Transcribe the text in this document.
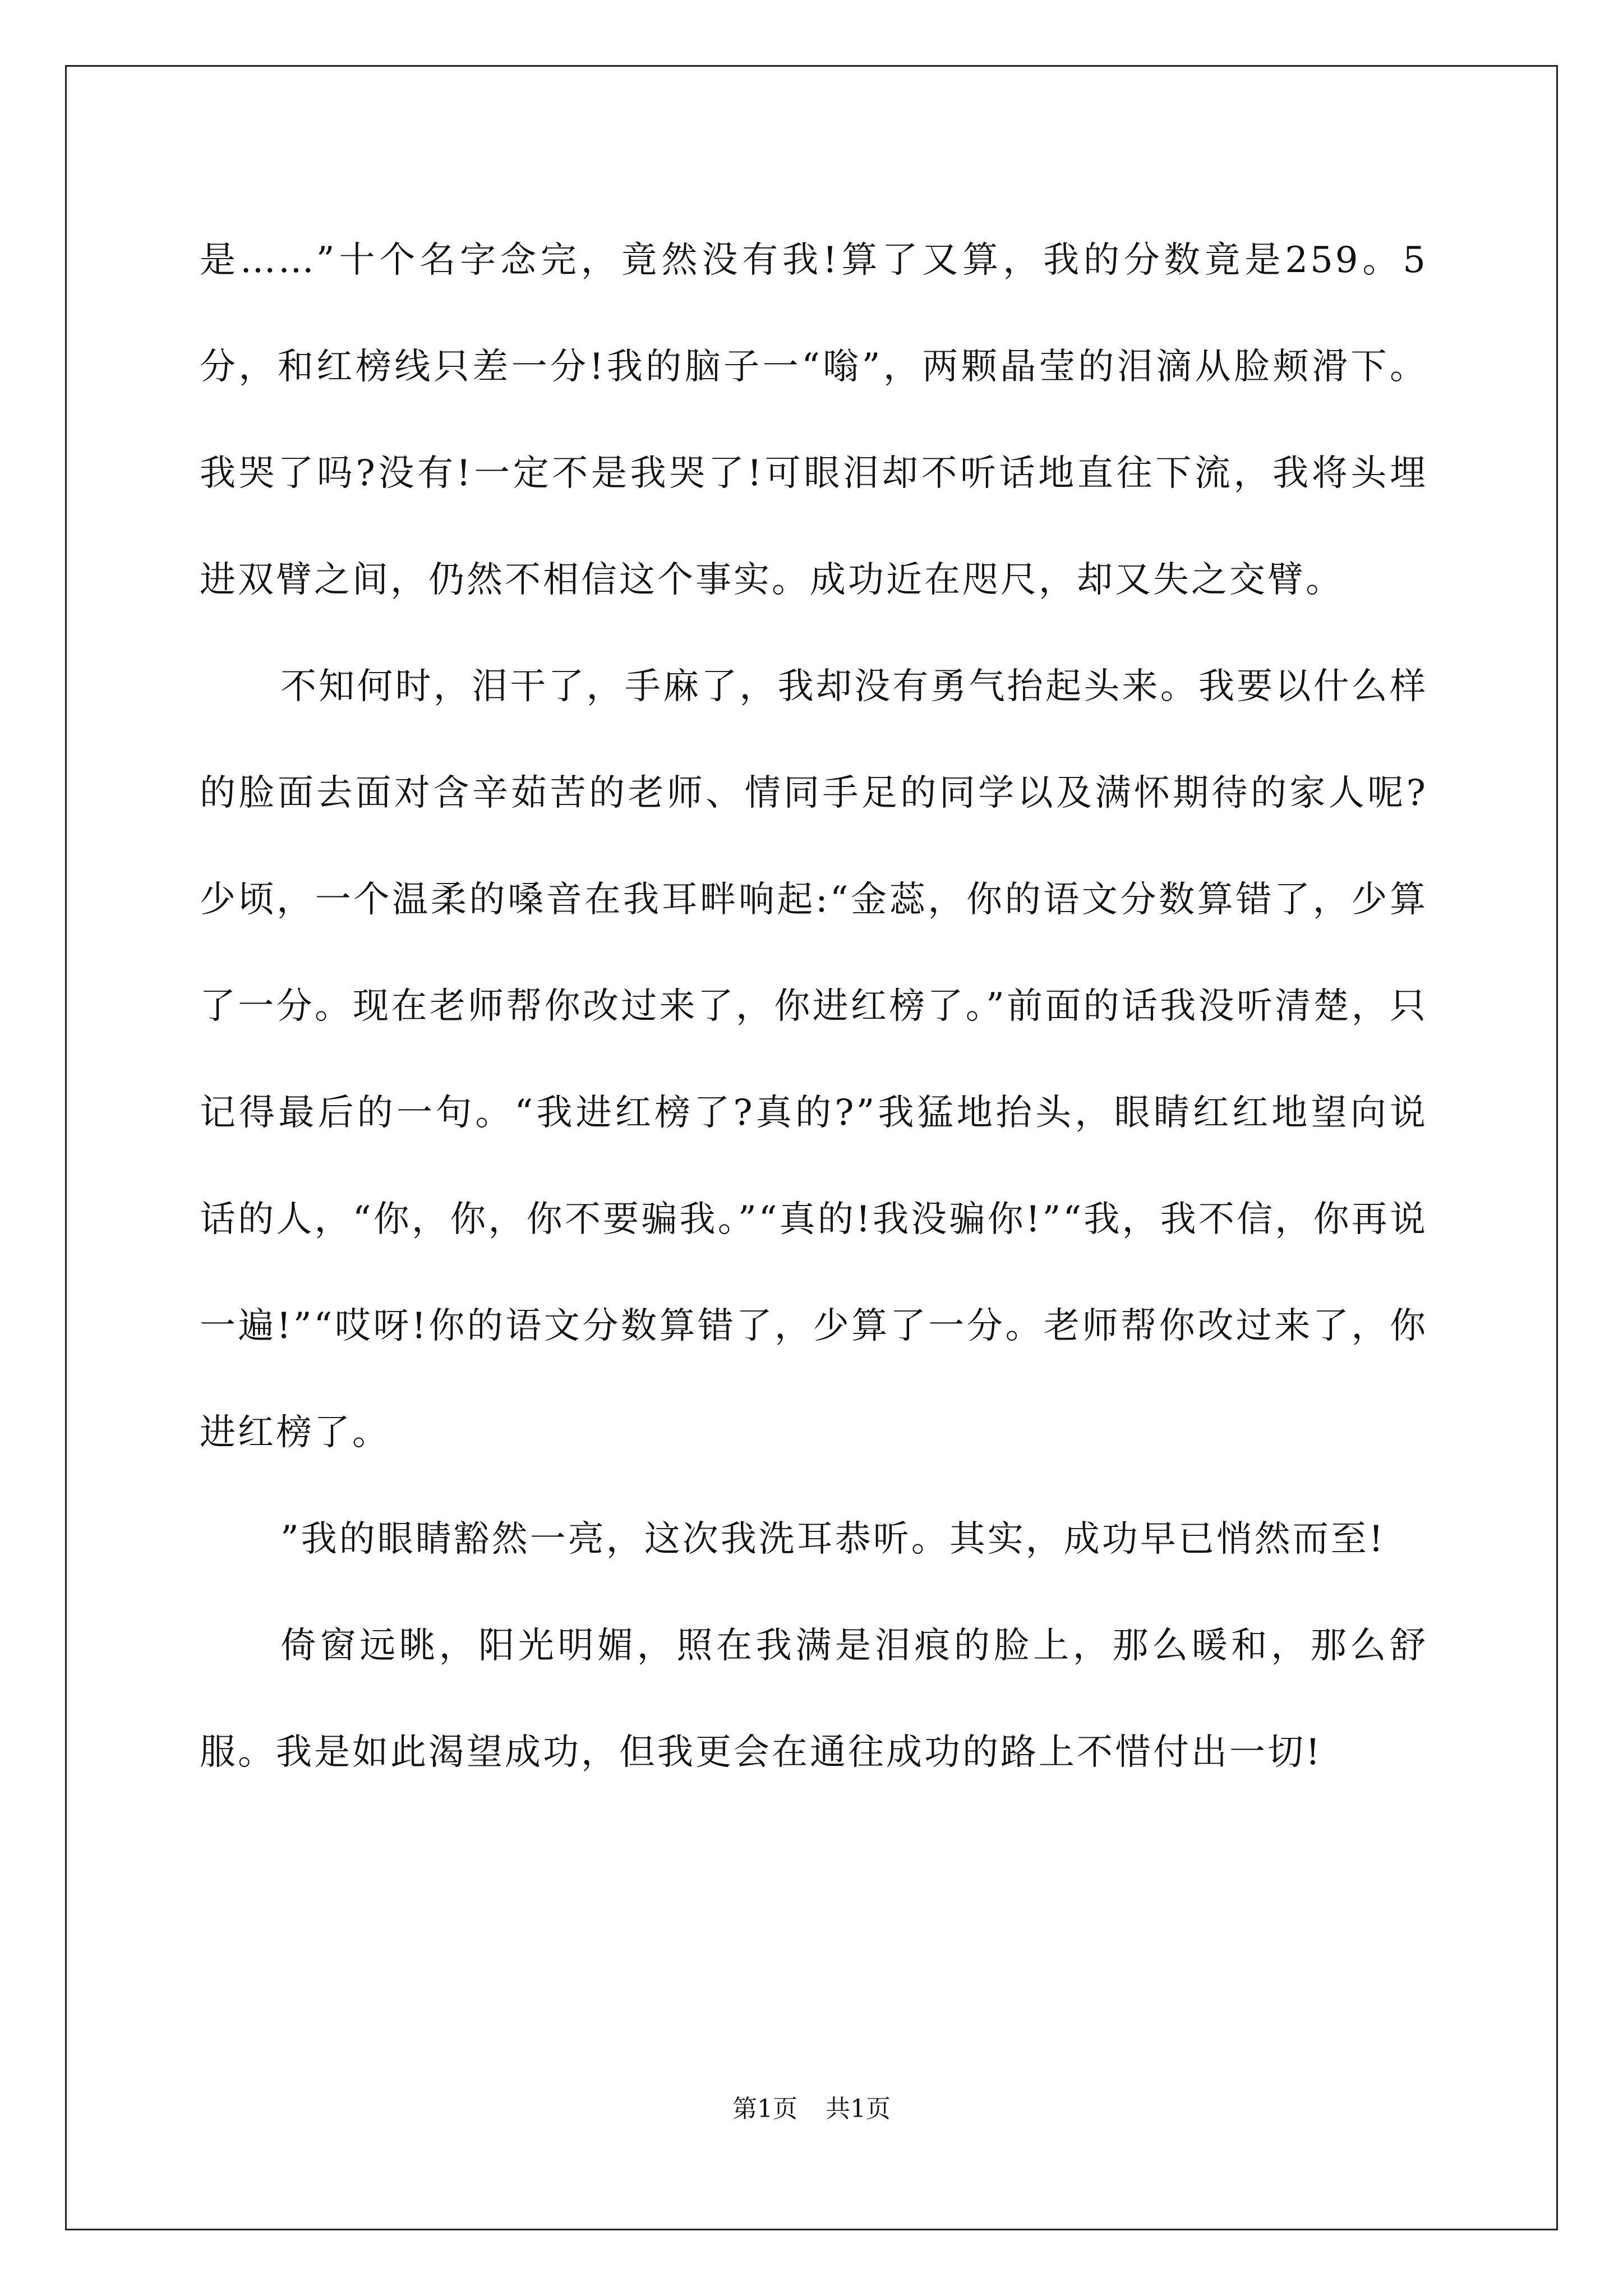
是……”十个名字念完，竟然没有我!算了又算，我的分数竟是259。5分，和红榜线只差一分!我的脑子一“嗡”，两颗晶莹的泪滴从脸颊滑下。我哭了吗?没有!一定不是我哭了!可眼泪却不听话地直往下流，我将头埋进双臂之间，仍然不相信这个事实。成功近在咫尺，却又失之交臂。

不知何时，泪干了，手麻了，我却没有勇气抬起头来。我要以什么样的脸面去面对含辛茹苦的老师、情同手足的同学以及满怀期待的家人呢?少顷，一个温柔的嗓音在我耳畔响起:“金蕊，你的语文分数算错了，少算了一分。现在老师帮你改过来了，你进红榜了。”前面的话我没听清楚，只记得最后的一句。“我进红榜了?真的?”我猛地抬头，眼睛红红地望向说话的人，“你，你，你不要骗我。”“真的!我没骗你!”“我，我不信，你再说一遍!”“哎呀!你的语文分数算错了，少算了一分。老师帮你改过来了，你进红榜了。

”我的眼睛豁然一亮，这次我洗耳恭听。其实，成功早已悄然而至!

倚窗远眺，阳光明媚，照在我满是泪痕的脸上，那么暖和，那么舒服。我是如此渴望成功，但我更会在通往成功的路上不惜付出一切!

第1页 共1页
